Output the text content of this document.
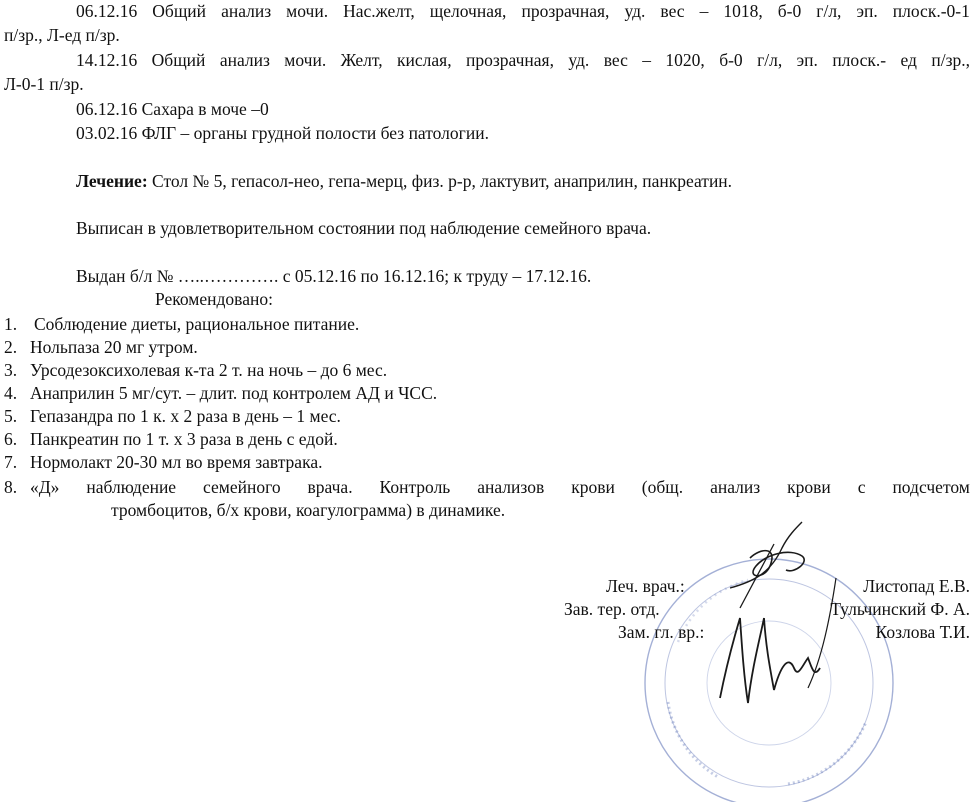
06.12.16 Общий анализ мочи. Нас.желт, щелочная, прозрачная, уд. вес – 1018, б-0 г/л, эп. плоск.-0-1
п/зр., Л-ед п/зр.
14.12.16 Общий анализ мочи. Желт, кислая, прозрачная, уд. вес – 1020, б-0 г/л, эп. плоск.- ед п/зр.,
Л-0-1 п/зр.
06.12.16 Сахара в моче –0
03.02.16 ФЛГ – органы грудной полости без патологии.
Лечение: Стол № 5, гепасол-нео, гепа-мерц, физ. р-р, лактувит, анаприлин, панкреатин.
Выписан в удовлетворительном состоянии под наблюдение семейного врача.
Выдан б/л № …..…………. с 05.12.16 по 16.12.16; к труду – 17.12.16.
Рекомендовано:
1. Соблюдение диеты, рациональное питание.
2. Нольпаза 20 мг утром.
3. Урсодезоксихолевая к-та 2 т. на ночь – до 6 мес.
4. Анаприлин 5 мг/сут. – длит. под контролем АД и ЧСС.
5. Гепазандра по 1 к. х 2 раза в день – 1 мес.
6. Панкреатин по 1 т. х 3 раза в день с едой.
7. Нормолакт 20-30 мл во время завтрака.
8. «Д» наблюдение семейного врача. Контроль анализов крови (общ. анализ крови с подсчетом
тромбоцитов, б/х крови, коагулограмма) в динамике.
Леч. врач.:	Листопад Е.В.
Зав. тер. отд.	Тульчинский Ф. А.
Зам. гл. вр.:	Козлова Т.И.
